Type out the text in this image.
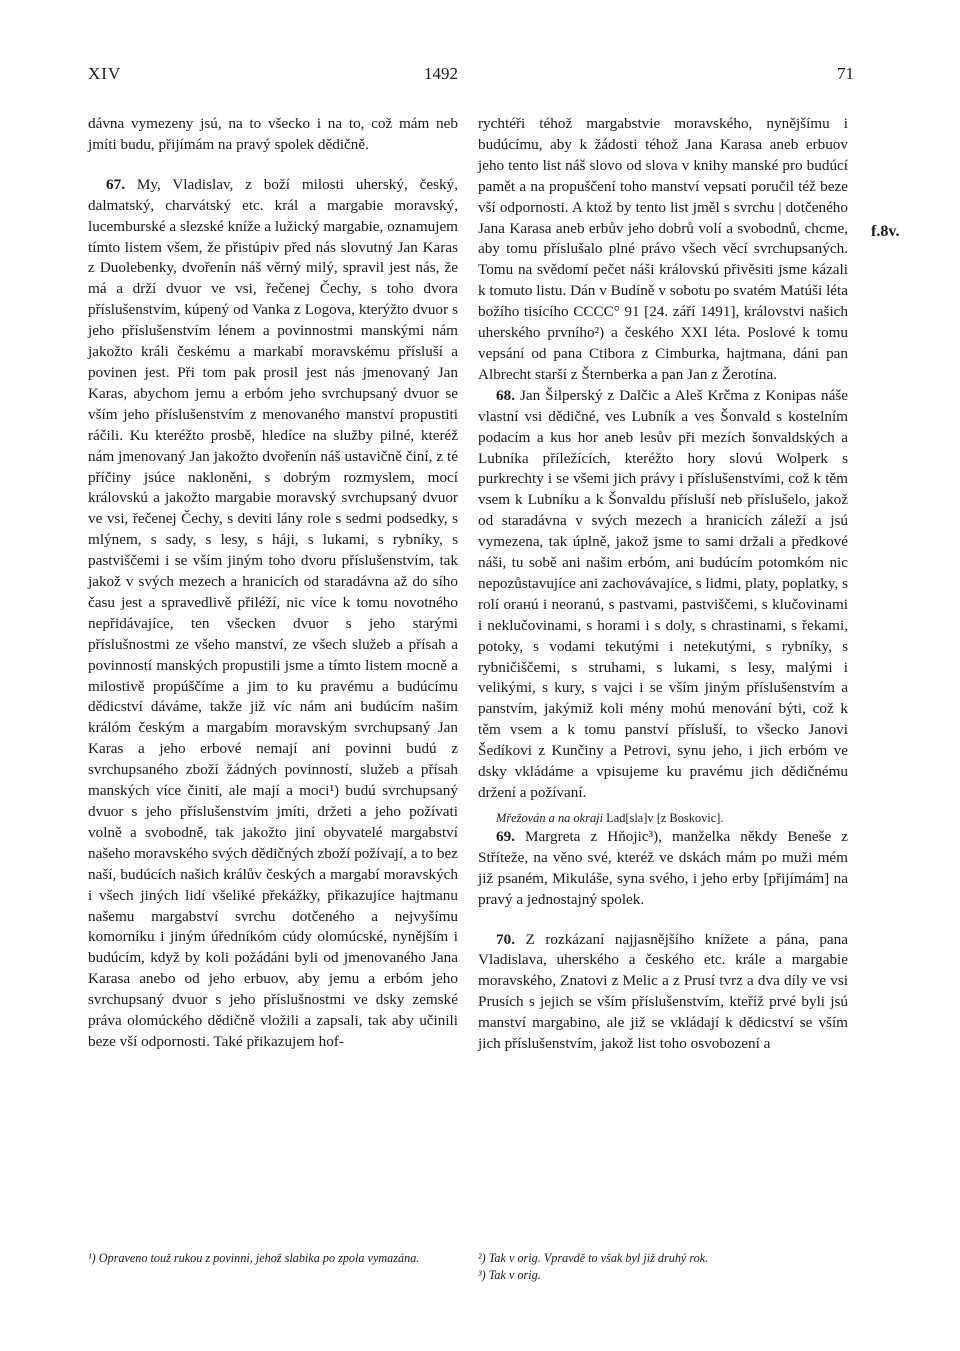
XIV	1492	71
f.8v.

dávna vymezeny jsú, na to všecko i na to, což mám neb jmíti budu, přijímám na pravý spolek dědičně.

67. My, Vladislav, z boží milosti uherský, český, dalmatský, charvátský etc. král a margabie moravský, lucemburské a slezské kníže a lužický margabie, oznamujem tímto listem všem, že přistúpiv před nás slovutný Jan Karas z Duolebenky, dvořenín náš věrný milý, spravil jest nás, že má a drží dvuor ve vsi, řečenej Čechy, s toho dvora příslušenstvím, kúpený od Vanka z Logova, kterýžto dvuor s jeho příslušenstvím lénem a povinnostmi manskými nám jakožto králi českému a markabí moravskému přísluší a povinen jest. Při tom pak prosil jest nás jmenovaný Jan Karas, abychom jemu a erbóm jeho svrchupsaný dvuor se vším jeho příslušenstvím z menovaného manství propustiti ráčili. Ku kteréžto prosbě, hledíce na služby pilné, kteréž nám jmenovaný Jan jakožto dvořenín náš ustavičně činí, z té příčiny jsúce nakloněni, s dobrým rozmyslem, mocí královskú a jakožto margabie moravský svrchupsaný dvuor ve vsi, řečenej Čechy, s deviti lány role s sedmi podsedky, s mlýnem, s sady, s lesy, s háji, s lukami, s rybníky, s pastviščemi i se vším jiným toho dvoru příslušenstvím, tak jakož v svých mezech a hranicích od staradávna až do sího času jest a spravedlivě přiléží, nic více k tomu novotného nepřidávajíce, ten všecken dvuor s jeho starými příslušnostmi ze všeho manství, ze všech služeb a přísah a povinností manských propustili jsme a tímto listem mocně a milostivě propúščíme a jim to ku pravému a budúcímu dědicství dáváme, takže již víc nám ani budúcím našim králóm českým a margabím moravským svrchupsaný Jan Karas a jeho erbové nemají ani povinni budú z svrchupsaného zboží žádných povinností, služeb a přísah manských více činiti, ale mají a moci¹) budú svrchupsaný dvuor s jeho příslušenstvím jmíti, držeti a jeho požívati volně a svobodně, tak jakožto jiní obyvatelé margabství našeho moravského svých dědičných zboží požívají, a to bez naší, budúcích našich králův českých a margabí moravských i všech jiných lidí všeliké překážky, přikazujíce hajtmanu našemu margabství svrchu dotčeného a nejvyšímu komorníku i jiným úředníkóm cúdy olomúcské, nynějším i budúcím, když by koli požádáni byli od jmenovaného Jana Karasa anebo od jeho erbuov, aby jemu a erbóm jeho svrchupsaný dvuor s jeho příslušnostmi ve dsky zemské práva olomúckého dědičně vložili a zapsali, tak aby učinili beze vší odpornosti. Také přikazujem hof-

rychtéři téhož margabstvie moravského, nynějšímu i budúcímu, aby k žádosti téhož Jana Karasa aneb erbuov jeho tento list náš slovo od slova v knihy manské pro budúcí pamět a na propuščení toho manství vepsati poručil též beze vší odpornosti. A ktož by tento list jměl s svrchu | dotčeného Jana Karasa aneb erbův jeho dobrů volí a svobodnů, chcme, aby tomu příslušalo plné právo všech věcí svrchupsaných. Tomu na svědomí pečet náši královskú přivěsiti jsme kázali k tomuto listu. Dán v Budíně v sobotu po svatém Matúši léta božího tisícího CCCC° 91 [24. září 1491], královstvi našich uherského prvního²) a českého XXI léta. Poslové k tomu vepsání od pana Ctibora z Cimburka, hajtmana, dáni pan Albrecht starší z Šternberka a pan Jan z Žerotína.

68. Jan Šilperský z Dalčic a Aleš Krčma z Konipas náše vlastní vsi dědičné, ves Lubník a ves Šonvald s kostelním podacím a kus hor aneb lesův při mezích šonvaldských a Lubníka příležících, kteréžto hory slovú Wolperk s purkrechty i se všemi jich právy i příslušenstvími, což k těm vsem k Lubníku a k Šonvaldu přísluší neb příslušelo, jakož od staradávna v svých mezech a hranicích záleží a jsú vymezena, tak úplně, jakož jsme to sami držali a předkové náši, tu sobě ani našim erbóm, ani budúcím potomkóm nic nepozůstavujíce ani zachovávajíce, s lidmi, platy, poplatky, s rolí oraнú i neoranú, s pastvami, pastviščemi, s klučovinami i neklučovinami, s horami i s doly, s chrastinami, s řekami, potoky, s vodami tekutými i netekutými, s rybníky, s rybničiščemi, s struhami, s lukami, s lesy, malými i velikými, s kury, s vajci i se vším jiným příslušenstvím a panstvím, jakýmiž koli mény mohú menování býti, což k těm vsem a k tomu panství přísluší, to všecko Janovi Šedíkovi z Kunčiny a Petrovi, synu jeho, i jich erbóm ve dsky vkládáme a vpisujeme ku pravému jich dědičnému držení a požívaní.

Mřežován a na okraji Lad[sla]v [z Boskovic].

69. Margreta z Hňojic³), manželka někdy Beneše z Stříteže, na věno své, kteréž ve dskách mám po muži mém již psaném, Mikuláše, syna svého, i jeho erby [přijímám] na pravý a jednostajný spolek.

70. Z rozkázaní najjasnějšího knížete a pána, pana Vladislava, uherského a českého etc. krále a margabie moravského, Znatovi z Melic a z Prusí tvrz a dva díly ve vsi Prusích s jejich se vším příslušenstvím, kteříž prvé byli jsú manství margabino, ale již se vkládají k dědicství se vším jich příslušenstvím, jakož list toho osvobození a

¹) Opraveno touž rukou z povinni, jehož slabika po zpola vymazána.	²) Tak v orig. Vpravdě to však byl již druhý rok.
³) Tak v orig.
